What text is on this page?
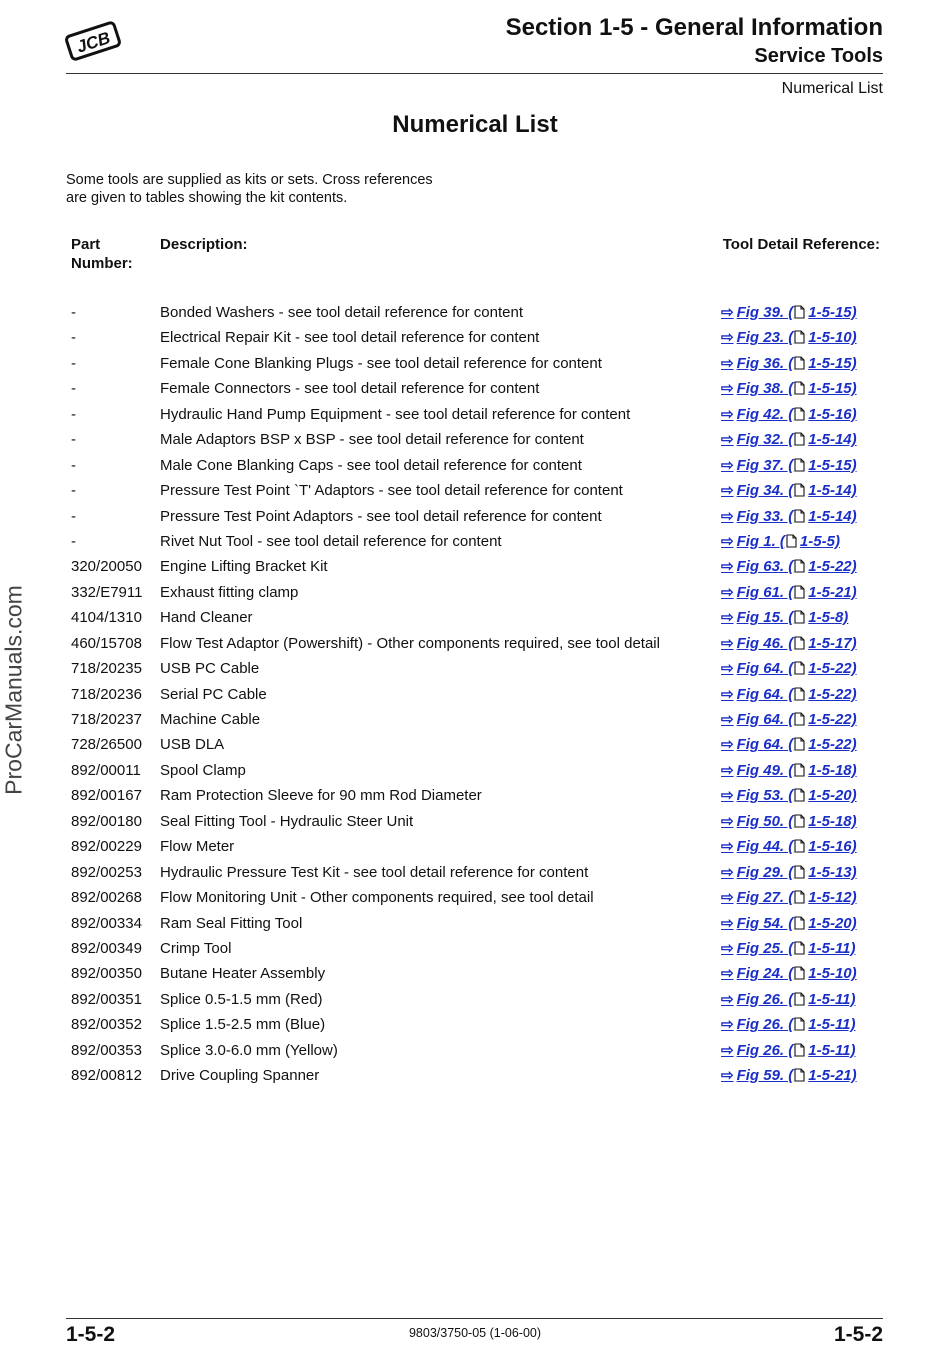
JCB
Section 1-5 - General Information
Service Tools
Numerical List
Numerical List
Some tools are supplied as kits or sets. Cross references
are given to tables showing the kit contents.
Part
Number:
Description:	Tool Detail Reference:
-	Bonded Washers - see tool detail reference for content	⇨ Fig 39. ( 1-5-15)
-	Electrical Repair Kit - see tool detail reference for content	⇨ Fig 23. ( 1-5-10)
-	Female Cone Blanking Plugs - see tool detail reference for content	⇨ Fig 36. ( 1-5-15)
-	Female Connectors - see tool detail reference for content	⇨ Fig 38. ( 1-5-15)
-	Hydraulic Hand Pump Equipment - see tool detail reference for content	⇨ Fig 42. ( 1-5-16)
-	Male Adaptors BSP x BSP - see tool detail reference for content	⇨ Fig 32. ( 1-5-14)
-	Male Cone Blanking Caps - see tool detail reference for content	⇨ Fig 37. ( 1-5-15)
-	Pressure Test Point `T' Adaptors - see tool detail reference for content	⇨ Fig 34. ( 1-5-14)
-	Pressure Test Point Adaptors - see tool detail reference for content	⇨ Fig 33. ( 1-5-14)
-	Rivet Nut Tool - see tool detail reference for content	⇨ Fig 1. ( 1-5-5)
320/20050 Engine Lifting Bracket Kit	⇨ Fig 63. ( 1-5-22)
332/E7911 Exhaust fitting clamp	⇨ Fig 61. ( 1-5-21)
4104/1310 Hand Cleaner	⇨ Fig 15. ( 1-5-8)
460/15708 Flow Test Adaptor (Powershift) - Other components required, see tool detail	⇨ Fig 46. ( 1-5-17)
718/20235 USB PC Cable	⇨ Fig 64. ( 1-5-22)
718/20236 Serial PC Cable	⇨ Fig 64. ( 1-5-22)
718/20237 Machine Cable	⇨ Fig 64. ( 1-5-22)
728/26500 USB DLA	⇨ Fig 64. ( 1-5-22)
892/00011 Spool Clamp	⇨ Fig 49. ( 1-5-18)
892/00167 Ram Protection Sleeve for 90 mm Rod Diameter	⇨ Fig 53. ( 1-5-20)
892/00180 Seal Fitting Tool - Hydraulic Steer Unit	⇨ Fig 50. ( 1-5-18)
892/00229 Flow Meter	⇨ Fig 44. ( 1-5-16)
892/00253 Hydraulic Pressure Test Kit - see tool detail reference for content	⇨ Fig 29. ( 1-5-13)
892/00268 Flow Monitoring Unit - Other components required, see tool detail	⇨ Fig 27. ( 1-5-12)
892/00334 Ram Seal Fitting Tool	⇨ Fig 54. ( 1-5-20)
892/00349 Crimp Tool	⇨ Fig 25. ( 1-5-11)
892/00350 Butane Heater Assembly	⇨ Fig 24. ( 1-5-10)
892/00351 Splice 0.5-1.5 mm (Red)	⇨ Fig 26. ( 1-5-11)
892/00352 Splice 1.5-2.5 mm (Blue)	⇨ Fig 26. ( 1-5-11)
892/00353 Splice 3.0-6.0 mm (Yellow)	⇨ Fig 26. ( 1-5-11)
892/00812 Drive Coupling Spanner	⇨ Fig 59. ( 1-5-21)
ProCarManuals.com
1-5-2	9803/3750-05 (1-06-00)	1-5-2
